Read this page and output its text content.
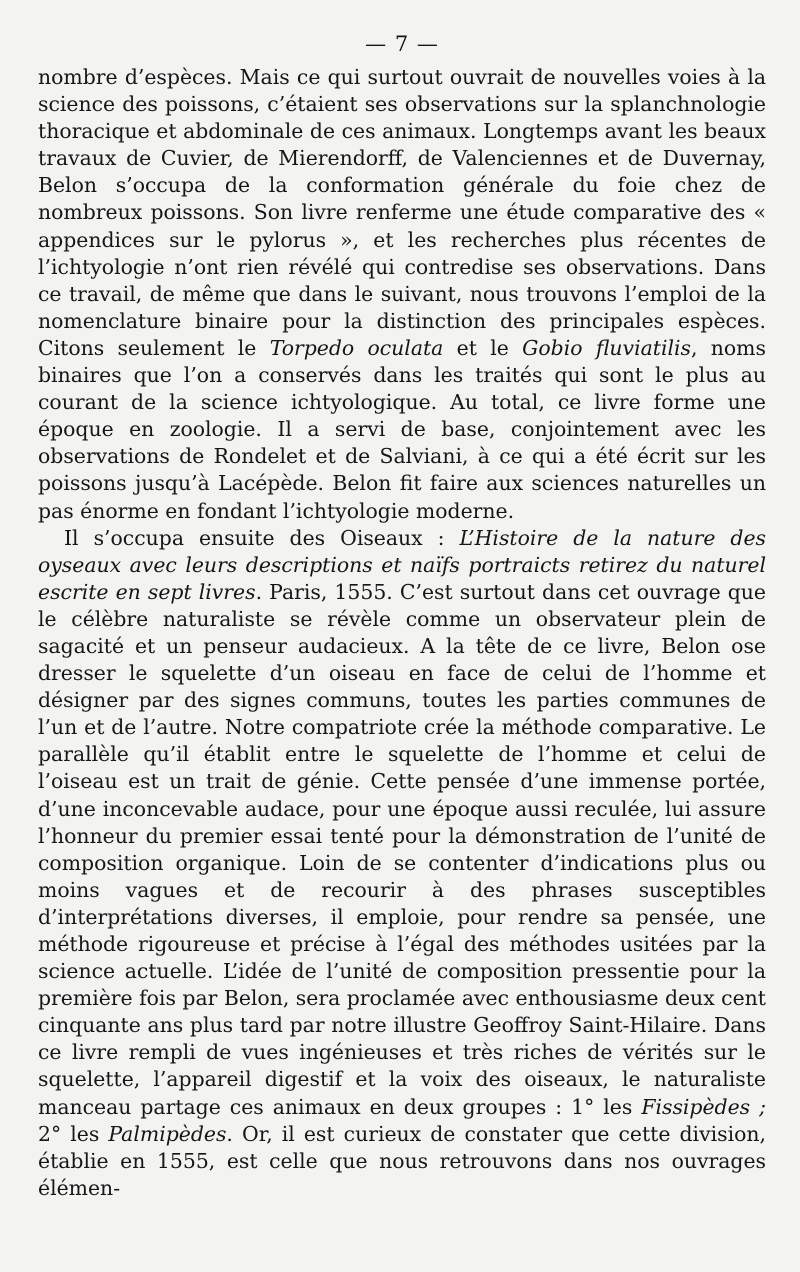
— 7 —

nombre d’espèces. Mais ce qui surtout ouvrait de nouvelles voies à la science des poissons, c’étaient ses observations sur la splanchnologie thoracique et abdominale de ces animaux. Longtemps avant les beaux travaux de Cuvier, de Mierendorff, de Valenciennes et de Duvernay, Belon s’occupa de la conformation générale du foie chez de nombreux poissons. Son livre renferme une étude comparative des « appendices sur le pylorus », et les recherches plus récentes de l’ichtyologie n’ont rien révélé qui contredise ses observations. Dans ce travail, de même que dans le suivant, nous trouvons l’emploi de la nomenclature binaire pour la distinction des principales espèces. Citons seulement le Torpedo oculata et le Gobio fluviatilis, noms binaires que l’on a conservés dans les traités qui sont le plus au courant de la science ichtyologique. Au total, ce livre forme une époque en zoologie. Il a servi de base, conjointement avec les observations de Rondelet et de Salviani, à ce qui a été écrit sur les poissons jusqu’à Lacépède. Belon fit faire aux sciences naturelles un pas énorme en fondant l’ichtyologie moderne.

Il s’occupa ensuite des Oiseaux : L’Histoire de la nature des oyseaux avec leurs descriptions et naïfs portraicts retirez du naturel escrite en sept livres. Paris, 1555. C’est surtout dans cet ouvrage que le célèbre naturaliste se révèle comme un observateur plein de sagacité et un penseur audacieux. A la tête de ce livre, Belon ose dresser le squelette d’un oiseau en face de celui de l’homme et désigner par des signes communs, toutes les parties communes de l’un et de l’autre. Notre compatriote crée la méthode comparative. Le parallèle qu’il établit entre le squelette de l’homme et celui de l’oiseau est un trait de génie. Cette pensée d’une immense portée, d’une inconcevable audace, pour une époque aussi reculée, lui assure l’honneur du premier essai tenté pour la démonstration de l’unité de composition organique. Loin de se contenter d’indications plus ou moins vagues et de recourir à des phrases susceptibles d’interprétations diverses, il emploie, pour rendre sa pensée, une méthode rigoureuse et précise à l’égal des méthodes usitées par la science actuelle. L’idée de l’unité de composition pressentie pour la première fois par Belon, sera proclamée avec enthousiasme deux cent cinquante ans plus tard par notre illustre Geoffroy Saint-Hilaire. Dans ce livre rempli de vues ingénieuses et très riches de vérités sur le squelette, l’appareil digestif et la voix des oiseaux, le naturaliste manceau partage ces animaux en deux groupes : 1° les Fissipèdes ; 2° les Palmipèdes. Or, il est curieux de constater que cette division, établie en 1555, est celle que nous retrouvons dans nos ouvrages élémen-
